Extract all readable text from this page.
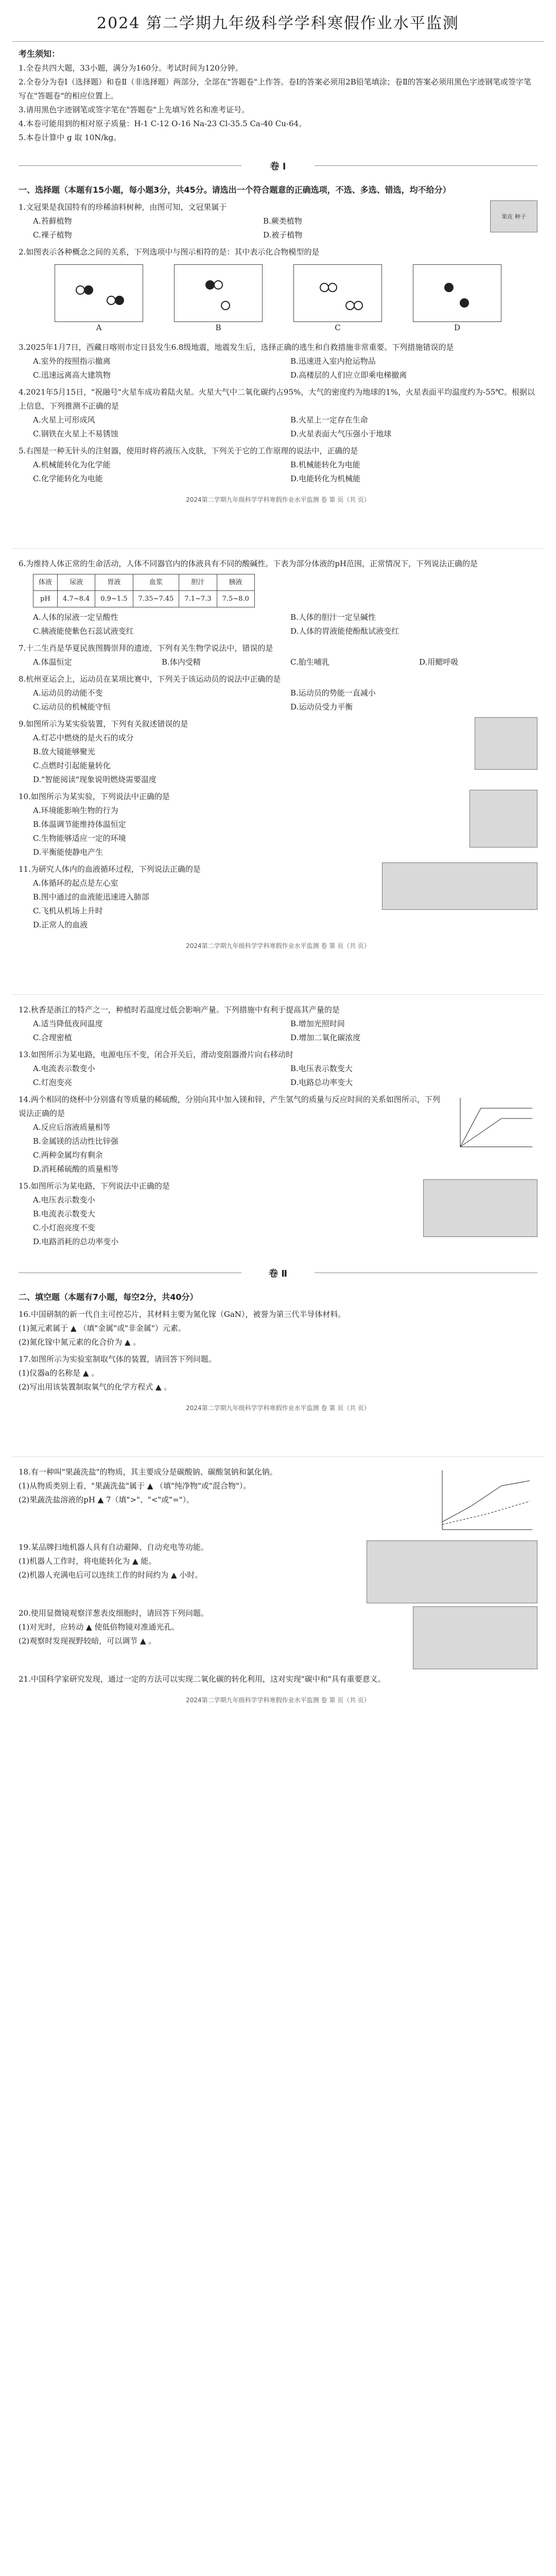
2024 第二学期九年级科学学科寒假作业水平监测
考生须知：
1.全卷共四大题，33小题，满分为160分。考试时间为120分钟。
2.全卷分为卷Ⅰ（选择题）和卷Ⅱ（非选择题）两部分，全部在"答题卷"上作答。卷Ⅰ的答案必须用2B铅笔填涂；卷Ⅱ的答案必须用黑色字迹钢笔或签字笔写在"答题卷"的相应位置上。
3.请用黑色字迹钢笔或签字笔在"答题卷"上先填写姓名和准考证号。
4.本卷可能用到的相对原子质量：H-1 C-12 O-16 Na-23 Cl-35.5 Ca-40 Cu-64。
5.本卷计算中 g 取 10N/kg。
卷 Ⅰ
一、选择题（本题有15小题，每小题3分，共45分。请选出一个符合题意的正确选项，不选、多选、错选，均不给分）
果皮 种子
1.文冠果是我国特有的珍稀油料树种，由图可知，文冠果属于
A.苔藓植物	B.蕨类植物
C.裸子植物	D.被子植物
2.如图表示各种概念之间的关系，下列选项中与图示相符的是：其中表示化合物模型的是
A	B	C	D
3.2025年1月7日，西藏日喀则市定日县发生6.8级地震，地震发生后，选择正确的逃生和自救措施非常重要。下列措施错误的是
A.室外的按照指示撤离	B.迅速进入室内抢运物品
C.迅速远离高大建筑物	D.高楼层的人们应立即乘电梯撤离
4.2021年5月15日，"祝融号"火星车成功着陆火星。火星大气中二氧化碳约占95%，大气的密度约为地球的1%，火星表面平均温度约为-55℃。根据以上信息，下列推测不正确的是
A.火星上可形成风	B.火星上一定存在生命
C.钢铁在火星上不易锈蚀	D.火星表面大气压强小于地球
5.右图是一种无针头的注射器，使用时将药液压入皮肤，下列关于它的工作原理的说法中，正确的是
A.机械能转化为化学能	B.机械能转化为电能
C.化学能转化为电能	D.电能转化为机械能
2024第二学期九年级科学学科寒假作业水平监测 卷 第 页（共 页）
6.为维持人体正常的生命活动，人体不同器官内的体液具有不同的酸碱性。下表为部分体液的pH范围，正常情况下，下列说法正确的是
体液	尿液	胃液	血浆	胆汁	胰液
pH	4.7~8.4	0.9~1.5	7.35~7.45	7.1~7.3	7.5~8.0
A.人体的尿液一定呈酸性	B.人体的胆汁一定呈碱性
C.胰液能使紫色石蕊试液变红	D.人体的胃液能使酚酞试液变红
7.十二生肖是华夏民族图腾崇拜的遗迹，下列有关生物学说法中，错误的是
A.体温恒定	B.体内受精	C.胎生哺乳	D.用鳃呼吸
8.杭州亚运会上，运动员在某项比赛中，下列关于该运动员的说法中正确的是
A.运动员的动能不变	B.运动员的势能一直减小
C.运动员的机械能守恒	D.运动员受力平衡
9.如图所示为某实验装置，下列有关叙述错误的是
A.灯芯中燃烧的是火石的成分
B.放大镜能够聚光
C.点燃时引起能量转化
D."智能阅读"现象说明燃烧需要温度
10.如图所示为某实验，下列说法中正确的是
A.环境能影响生物的行为
B.体温调节能维持体温恒定
C.生物能够适应一定的环境
D.平衡能使静电产生
11.为研究人体内的血液循环过程，下列说法正确的是
A.体循环的起点是左心室
B.图中通过的血液能迅速进入肺部
C.飞机从机场上升时
D.正常人的血液
2024第二学期九年级科学学科寒假作业水平监测 卷 第 页（共 页）
12.秋香是浙江的特产之一，种植时若温度过低会影响产量。下列措施中有利于提高其产量的是
A.适当降低夜间温度	B.增加光照时间
C.合理密植	D.增加二氧化碳浓度
13.如图所示为某电路，电源电压不变，闭合开关后，滑动变阻器滑片向右移动时
A.电流表示数变小	B.电压表示数变大
C.灯泡变亮	D.电路总功率变大
14.两个相同的烧杯中分别盛有等质量的稀硫酸，分别向其中加入镁和锌，产生氢气的质量与反应时间的关系如图所示，下列说法正确的是
A.反应后溶液质量相等
B.金属镁的活动性比锌强
C.两种金属均有剩余
D.消耗稀硫酸的质量相等
15.如图所示为某电路，下列说法中正确的是
A.电压表示数变小
B.电流表示数变大
C.小灯泡亮度不变
D.电路消耗的总功率变小
卷 Ⅱ
二、填空题（本题有7小题，每空2分，共40分）
16.中国研制的新一代自主可控芯片，其材料主要为氮化镓（GaN），被誉为第三代半导体材料。
(1)氮元素属于 ▲ （填"金属"或"非金属"）元素。
(2)氮化镓中氮元素的化合价为 ▲ 。
17.如图所示为实验室制取气体的装置，请回答下列问题。
(1)仪器a的名称是 ▲ 。
(2)写出用该装置制取氧气的化学方程式 ▲ 。
2024第二学期九年级科学学科寒假作业水平监测 卷 第 页（共 页）
18.有一种叫"果蔬洗盐"的物质，其主要成分是碳酸钠、碳酸氢钠和氯化钠。
(1)从物质类别上看，"果蔬洗盐"属于 ▲ （填"纯净物"或"混合物"）。
(2)果蔬洗盐溶液的pH ▲ 7（填">"、"<"或"="）。
19.某品牌扫地机器人具有自动避障、自动充电等功能。
(1)机器人工作时，将电能转化为 ▲ 能。
(2)机器人充满电后可以连续工作的时间约为 ▲ 小时。
20.使用显微镜观察洋葱表皮细胞时，请回答下列问题。
(1)对光时，应转动 ▲ 使低倍物镜对准通光孔。
(2)观察时发现视野较暗，可以调节 ▲ 。
21.中国科学家研究发现，通过一定的方法可以实现二氧化碳的转化利用，这对实现"碳中和"具有重要意义。
2024第二学期九年级科学学科寒假作业水平监测 卷 第 页（共 页）
